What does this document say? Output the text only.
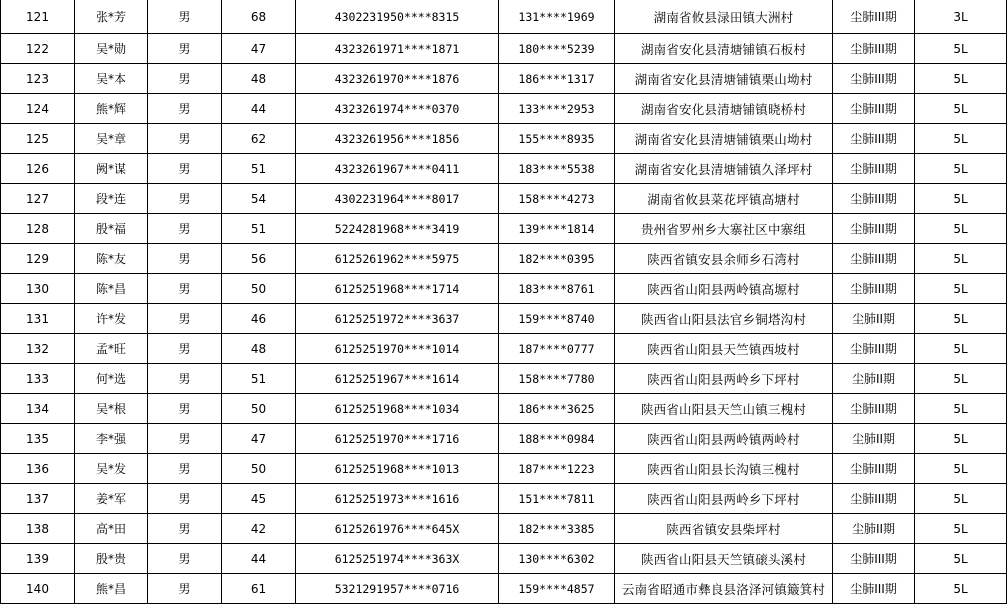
121	张*芳	男	68	4302231950****8315	131****1969	湖南省攸县渌田镇大洲村	尘肺III期	3L
122	吴*勋	男	47	4323261971****1871	180****5239	湖南省安化县清塘铺镇石板村	尘肺III期	5L
123	吴*本	男	48	4323261970****1876	186****1317	湖南省安化县清塘铺镇栗山坳村	尘肺III期	5L
124	熊*辉	男	44	4323261974****0370	133****2953	湖南省安化县清塘铺镇晓桥村	尘肺III期	5L
125	吴*章	男	62	4323261956****1856	155****8935	湖南省安化县清塘铺镇栗山坳村	尘肺III期	5L
126	阙*谋	男	51	4323261967****0411	183****5538	湖南省安化县清塘铺镇久泽坪村	尘肺III期	5L
127	段*连	男	54	4302231964****8017	158****4273	湖南省攸县菜花坪镇高塘村	尘肺III期	5L
128	殷*福	男	51	5224281968****3419	139****1814	贵州省罗州乡大寨社区中寨组	尘肺III期	5L
129	陈*友	男	56	6125261962****5975	182****0395	陕西省镇安县余师乡石湾村	尘肺III期	5L
130	陈*昌	男	50	6125251968****1714	183****8761	陕西省山阳县两岭镇高塬村	尘肺III期	5L
131	许*发	男	46	6125251972****3637	159****8740	陕西省山阳县法官乡铜塔沟村	尘肺II期	5L
132	孟*旺	男	48	6125251970****1014	187****0777	陕西省山阳县天竺镇西坡村	尘肺III期	5L
133	何*选	男	51	6125251967****1614	158****7780	陕西省山阳县两岭乡下坪村	尘肺II期	5L
134	吴*根	男	50	6125251968****1034	186****3625	陕西省山阳县天竺山镇三槐村	尘肺III期	5L
135	李*强	男	47	6125251970****1716	188****0984	陕西省山阳县两岭镇两岭村	尘肺II期	5L
136	吴*发	男	50	6125251968****1013	187****1223	陕西省山阳县长沟镇三槐村	尘肺III期	5L
137	姜*军	男	45	6125251973****1616	151****7811	陕西省山阳县两岭乡下坪村	尘肺III期	5L
138	高*田	男	42	6125261976****645X	182****3385	陕西省镇安县柴坪村	尘肺II期	5L
139	殷*贵	男	44	6125251974****363X	130****6302	陕西省山阳县天竺镇磙头溪村	尘肺III期	5L
140	熊*昌	男	61	5321291957****0716	159****4857	云南省昭通市彝良县洛泽河镇簸箕村	尘肺III期	5L
